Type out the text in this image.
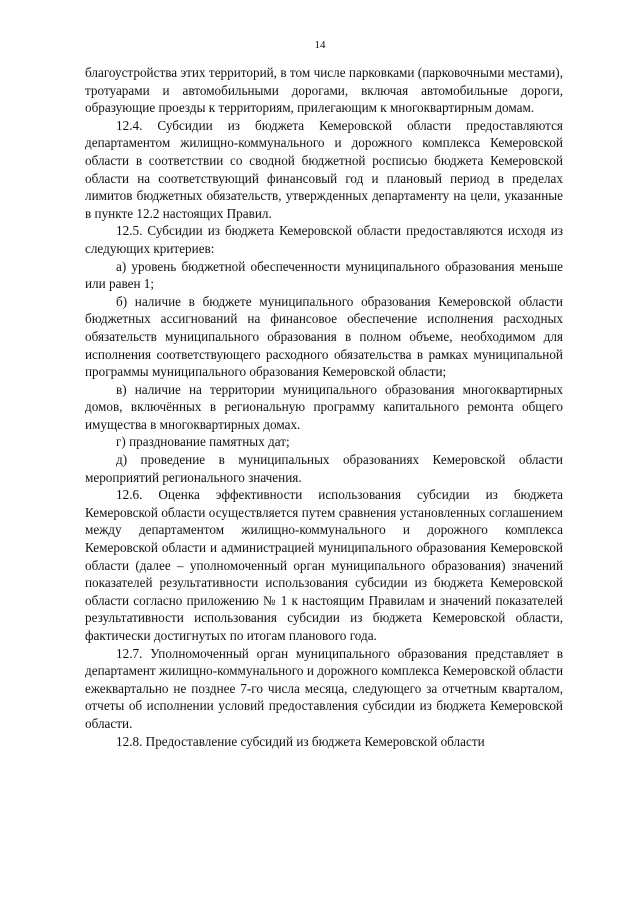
14

благоустройства этих территорий, в том числе парковками (парковочными местами), тротуарами и автомобильными дорогами, включая автомобильные дороги, образующие проезды к территориям, прилегающим к многоквартирным домам.

12.4. Субсидии из бюджета Кемеровской области предоставляются департаментом жилищно-коммунального и дорожного комплекса Кемеровской области в соответствии со сводной бюджетной росписью бюджета Кемеровской области на соответствующий финансовый год и плановый период в пределах лимитов бюджетных обязательств, утвержденных департаменту на цели, указанные в пункте 12.2 настоящих Правил.

12.5. Субсидии из бюджета Кемеровской области предоставляются исходя из следующих критериев:

а) уровень бюджетной обеспеченности муниципального образования меньше или равен 1;

б) наличие в бюджете муниципального образования Кемеровской области бюджетных ассигнований на финансовое обеспечение исполнения расходных обязательств муниципального образования в полном объеме, необходимом для исполнения соответствующего расходного обязательства в рамках муниципальной программы муниципального образования Кемеровской области;

в) наличие на территории муниципального образования многоквартирных домов, включённых в региональную программу капитального ремонта общего имущества в многоквартирных домах.

г) празднование памятных дат;

д) проведение в муниципальных образованиях Кемеровской области мероприятий регионального значения.

12.6. Оценка эффективности использования субсидии из бюджета Кемеровской области осуществляется путем сравнения установленных соглашением между департаментом жилищно-коммунального и дорожного комплекса Кемеровской области и администрацией муниципального образования Кемеровской области (далее – уполномоченный орган муниципального образования) значений показателей результативности использования субсидии из бюджета Кемеровской области согласно приложению № 1 к настоящим Правилам и значений показателей результативности использования субсидии из бюджета Кемеровской области, фактически достигнутых по итогам планового года.

12.7. Уполномоченный орган муниципального образования представляет в департамент жилищно-коммунального и дорожного комплекса Кемеровской области ежеквартально не позднее 7-го числа месяца, следующего за отчетным кварталом, отчеты об исполнении условий предоставления субсидии из бюджета Кемеровской области.

12.8. Предоставление субсидий из бюджета Кемеровской области
